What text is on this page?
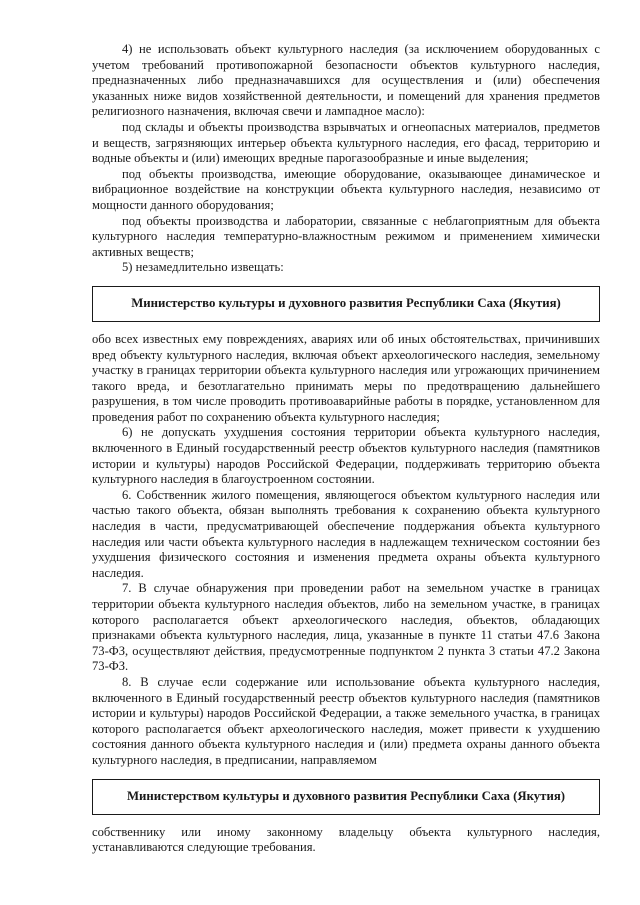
4) не использовать объект культурного наследия (за исключением оборудованных с учетом требований противопожарной безопасности объектов культурного наследия, предназначенных либо предназначавшихся для осуществления и (или) обеспечения указанных ниже видов хозяйственной деятельности, и помещений для хранения предметов религиозного назначения, включая свечи и лампадное масло):

под склады и объекты производства взрывчатых и огнеопасных материалов, предметов и веществ, загрязняющих интерьер объекта культурного наследия, его фасад, территорию и водные объекты и (или) имеющих вредные парогазообразные и иные выделения;

под объекты производства, имеющие оборудование, оказывающее динамическое и вибрационное воздействие на конструкции объекта культурного наследия, независимо от мощности данного оборудования;

под объекты производства и лаборатории, связанные с неблагоприятным для объекта культурного наследия температурно-влажностным режимом и применением химически активных веществ;

5) незамедлительно извещать:

Министерство культуры и духовного развития Республики Саха (Якутия)

обо всех известных ему повреждениях, авариях или об иных обстоятельствах, причинивших вред объекту культурного наследия, включая объект археологического наследия, земельному участку в границах территории объекта культурного наследия или угрожающих причинением такого вреда, и безотлагательно принимать меры по предотвращению дальнейшего разрушения, в том числе проводить противоаварийные работы в порядке, установленном для проведения работ по сохранению объекта культурного наследия;

6) не допускать ухудшения состояния территории объекта культурного наследия, включенного в Единый государственный реестр объектов культурного наследия (памятников истории и культуры) народов Российской Федерации, поддерживать территорию объекта культурного наследия в благоустроенном состоянии.

6. Собственник жилого помещения, являющегося объектом культурного наследия или частью такого объекта, обязан выполнять требования к сохранению объекта культурного наследия в части, предусматривающей обеспечение поддержания объекта культурного наследия или части объекта культурного наследия в надлежащем техническом состоянии без ухудшения физического состояния и изменения предмета охраны объекта культурного наследия.

7. В случае обнаружения при проведении работ на земельном участке в границах территории объекта культурного наследия объектов, либо на земельном участке, в границах которого располагается объект археологического наследия, объектов, обладающих признаками объекта культурного наследия, лица, указанные в пункте 11 статьи 47.6 Закона 73-ФЗ, осуществляют действия, предусмотренные подпунктом 2 пункта 3 статьи 47.2 Закона 73-ФЗ.

8. В случае если содержание или использование объекта культурного наследия, включенного в Единый государственный реестр объектов культурного наследия (памятников истории и культуры) народов Российской Федерации, а также земельного участка, в границах которого располагается объект археологического наследия, может привести к ухудшению состояния данного объекта культурного наследия и (или) предмета охраны данного объекта культурного наследия, в предписании, направляемом

Министерством культуры и духовного развития Республики Саха (Якутия)

собственнику или иному законному владельцу объекта культурного наследия, устанавливаются следующие требования.
